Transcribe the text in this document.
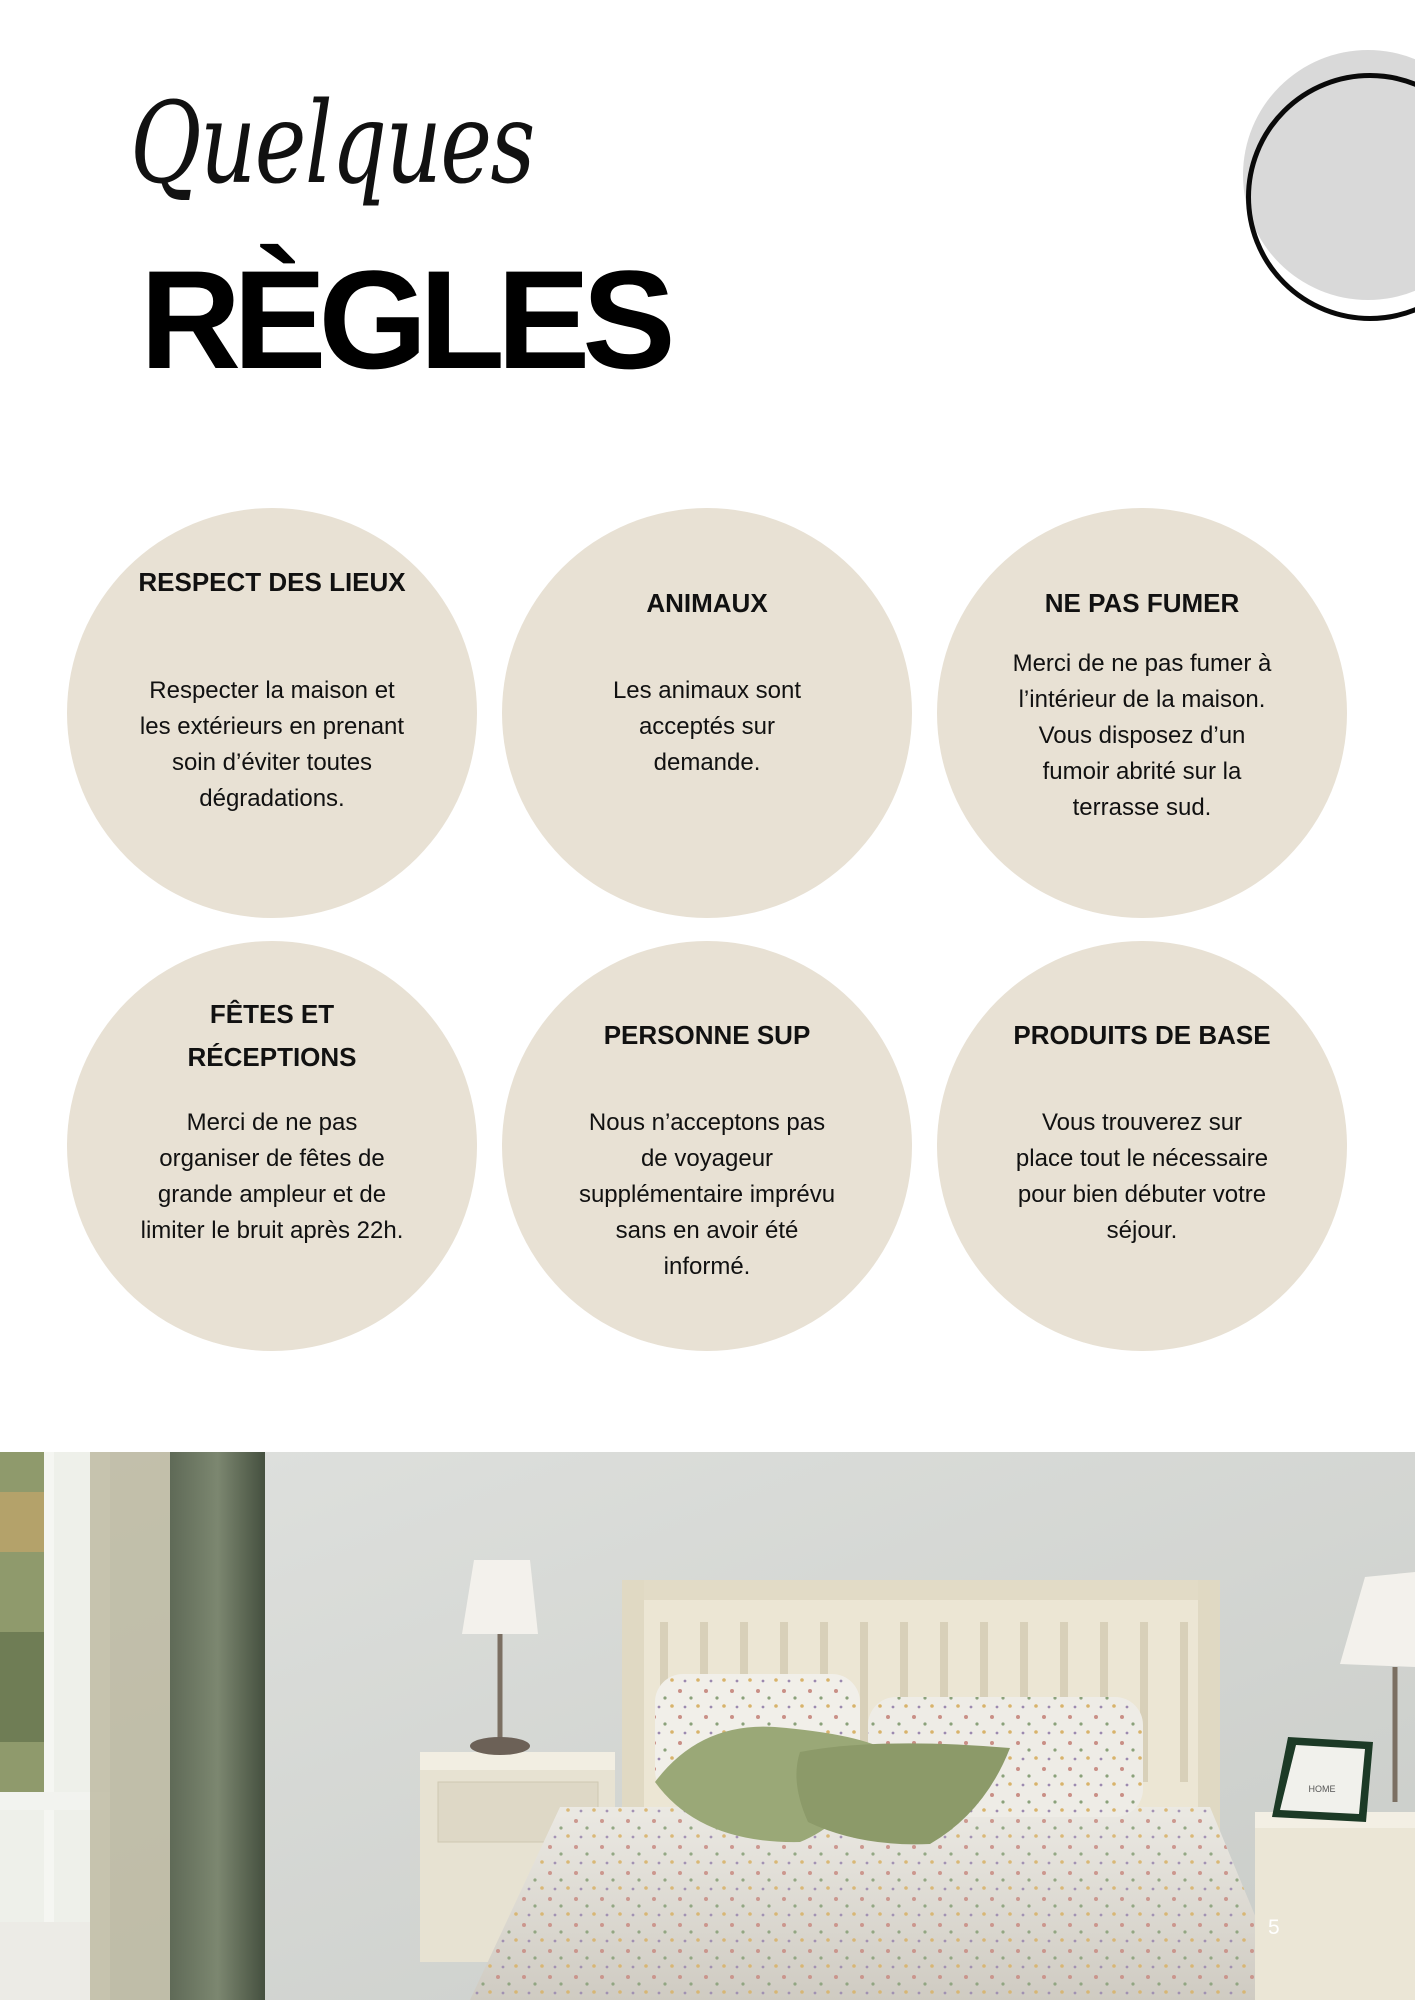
Quelques
RÈGLES
RESPECT DES LIEUX
Respecter la maison et les extérieurs en prenant soin d’éviter toutes dégradations.
ANIMAUX
Les animaux sont acceptés sur demande.
NE PAS FUMER
Merci de ne pas fumer à l’intérieur de la maison. Vous disposez d’un fumoir abrité sur la terrasse sud.
FÊTES ET RÉCEPTIONS
Merci de ne pas organiser de fêtes de grande ampleur et de limiter le bruit après 22h.
PERSONNE SUP
Nous n’acceptons pas de voyageur supplémentaire imprévu sans en avoir été informé.
PRODUITS DE BASE
Vous trouverez sur place tout le nécessaire pour bien débuter votre séjour.
HOME
5
